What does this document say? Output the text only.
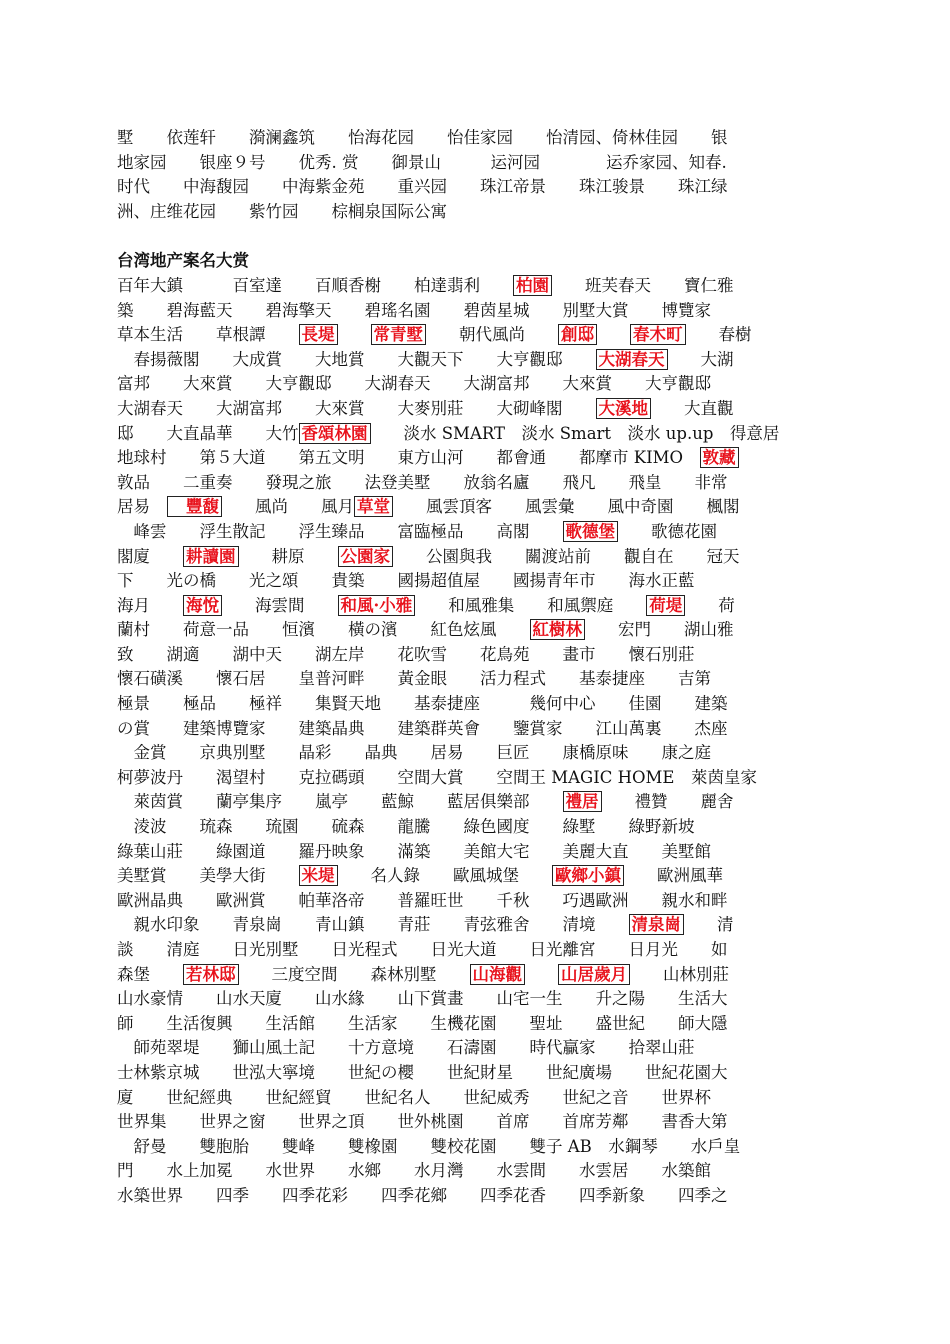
墅　　依莲轩　　漪澜鑫筑　　怡海花园　　怡佳家园　　怡清园、倚林佳园　　银
地家园　　银座９号　　优秀. 赏　　御景山　　　运河园　　　　运乔家园、知春.
时代　　中海馥园　　中海紫金苑　　重兴园　　珠江帝景　　珠江骏景　　珠江绿
洲、庄维花园　　紫竹园　　棕榈泉国际公寓
台湾地产案名大赏
百年大鎮　　　百室達　　百順香榭　　柏達翡利　　柏園　　班芙春天　　寶仁雅
築　　碧海藍天　　碧海擎天　　碧瑤名園　　碧茵星城　　別墅大賞　　博覽家
草本生活　　草根譚　　長堤　　 常青墅　　朝代風尚　　創邸　　 春木町　　春樹
　春揚薇閣　　大成賞　　大地賞　　大觀天下　　大亨觀邸　　大湖春天　　大湖
富邦　　大來賞　　大亨觀邸　　大湖春天　　大湖富邦　　大來賞　　大亨觀邸
大湖春天　　大湖富邦　　大來賞　　大麥別莊　　大砌峰閣　　大溪地　　大直觀
邸　　大直晶華　　大竹 香頌林園　　淡水 SMART　淡水 Smart　淡水 up.up　得意居
地球村　　第５大道　　第五文明　　東方山河　　都會通　　都摩市 KIMO　敦藏
敦品　　二重奏　　發現之旅　　法登美墅　　放翁名廬　　飛凡　　飛皇　　非常
居易　　豐馥　　風尚　　風月 草堂　　風雲頂客　　風雲彙　　風中奇園　　楓閣
　峰雲　　浮生散記　　浮生臻品　　富臨極品　　高閣　　歌德堡　　歌德花園
閣廈　　耕讀園　　耕原　　公園家　　公園與我　　關渡站前　　觀自在　　冠天
下　　光の橋　　光之頌　　貴築　　國揚超值屋　　國揚青年市　　海水正藍
海月　　海悅　　海雲間　　和風·小雅　　和風雅集　　和風禦庭　　荷堤　　荷
蘭村　　荷意一品　　恒濱　　橫の濱　　紅色炫風　　紅樹林　　宏門　　湖山雅
致　　湖適　　湖中天　　湖左岸　　花吹雪　　花鳥苑　　畫市　　懷石別莊
懷石磺溪　　懷石居　　皇普河畔　　黃金眼　　活力程式　　基泰捷座　　吉第
極景　　極品　　極祥　　集賢天地　　基泰捷座　　　幾何中心　　佳園　　建築
の賞　　建築博覽家　　建築晶典　　建築群英會　　鑒賞家　　江山萬裏　　杰座
　金賞　　京典別墅　　晶彩　　晶典　　居易　　巨匠　　康橋原味　　康之庭
柯夢波丹　　渴望村　　克拉碼頭　　空間大賞　　空間王 MAGIC HOME　萊茵皇家
　萊茵賞　　蘭亭集序　　嵐亭　　藍鯨　　藍居俱樂部　　禮居　　禮贊　　麗舍
　淩波　　琉森　　琉園　　硫森　　龍騰　　綠色國度　　綠墅　　綠野新坡
綠葉山莊　　綠園道　　羅丹映象　　滿築　　美館大宅　　美麗大直　　美墅館
美墅賞　　美學大街　　米堤　　名人錄　　歐風城堡　　歐鄉小鎮　　歐洲風華
歐洲晶典　　歐洲賞　　帕華洛帝　　普羅旺世　　千秋　　巧遇歐洲　　親水和畔
　親水印象　　青泉崗　　青山鎮　　青莊　　青弦雅舍　　清境　　清泉崗　　清
談　　清庭　　日光別墅　　日光程式　　日光大道　　日光離宮　　日月光　　如
森堡　　若林邸　　三度空間　　森林別墅　　山海觀　　 山居歲月　　山林別莊
山水豪情　　山水天廈　　山水緣　　山下賞畫　　山宅一生　　升之陽　　生活大
師　　生活復興　　生活館　　生活家　　生機花園　　聖址　　盛世紀　　師大隱
　師苑翠堤　　獅山風土記　　十方意境　　石濤園　　時代贏家　　拾翠山莊
士林紫京城　　世泓大寧境　　世紀の櫻　　世紀財星　　世紀廣場　　世紀花園大
廈　　世紀經典　　世紀經貿　　世紀名人　　世紀威秀　　世紀之音　　世界杯
世界集　　世界之窗　　世界之頂　　世外桃園　　首席　　首席芳鄰　　書香大第
　舒曼　　雙胞胎　　雙峰　　雙橡園　　雙校花園　　雙子 AB　水鋼琴　　水戶皇
門　　水上加冕　　水世界　　水鄉　　水月灣　　水雲間　　水雲居　　水築館
水築世界　　四季　　四季花彩　　四季花鄉　　四季花香　　四季新象　　四季之
